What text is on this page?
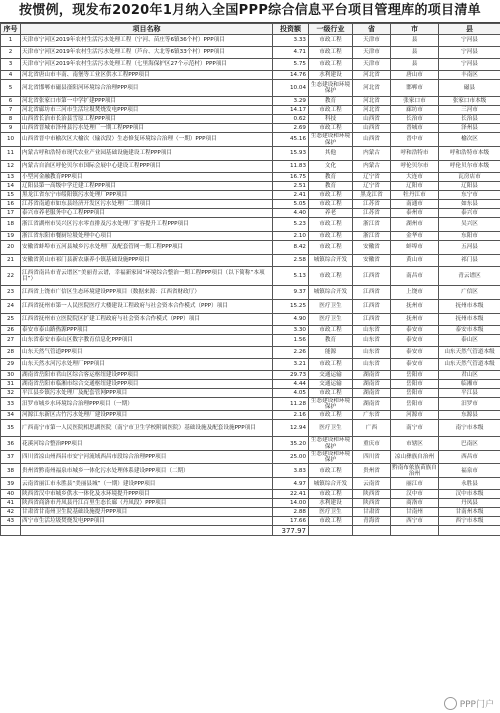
按惯例，现发布2020年1月纳入全国PPP综合信息平台项目管理库的项目清单
序号	项目名称	投资额	一级行业	省	市	县
1	天津市宁河区2019年农村生活污水处理工程（宁河、苗庄等6镇36个村）PPP项目	3.33	市政工程	天津市	县	宁河县
2	天津市宁河区2019年农村生活污水处理工程（芦台、大北等6镇33个村）PPP项目	4.71	市政工程	天津市	县	宁河县
3	天津市宁河区2019年农村生活污水处理工程（七里海保护区27个示范村）PPP项目	5.75	市政工程	天津市	县	宁河县
4	河北省唐山市丰南、南堡等工业区供水工程PPP项目	14.76	水利建设	河北省	唐山市	丰南区
5	河北省邯郸市磁县滏阳河环境综合治理PPP项目	10.04	生态建设和环境保护	河北省	邯郸市	磁县
6	河北省张家口市第一中学扩建PPP项目	3.29	教育	河北省	张家口市	张家口市本级
7	河北省廊坊市三河市生活垃圾焚烧发电PPP项目	14.17	市政工程	河北省	廊坊市	三河市
8	山西省长治市长治县雪原工程PPP项目	0.62	科技	山西省	长治市	长治县
9	山西省晋城市泽州县污水处理厂一期工程PPP项目	2.69	市政工程	山西省	晋城市	泽州县
10	山西省晋中市榆次区大榆次（输次段）生态修复环境综合治理（一期）PPP项目	45.16	生态建设和环境保护	山西省	晋中市	榆次区
11	内蒙古呼和浩特市现代农业产业园基础设施建设工程PPP项目	15.93	其他	内蒙古	呼和浩特市	呼和浩特市本级
12	内蒙古自治区呼伦贝尔市国际会展中心建设工程PPP项目	11.83	文化	内蒙古	呼伦贝尔市	呼伦贝尔市本级
13	小型河金融教育PPP项目	16.75	教育	辽宁省	大连市	瓦房店市
14	辽阳县第一高级中学迁建工程PPP项目	2.51	教育	辽宁省	辽阳市	辽阳县
15	黑龙江省东宁市绥阳镇污水处理厂PPP项目	2.41	市政工程	黑龙江省	牡丹江市	东宁市
16	江苏省南通市如东县经济开发区污水处理厂二期项目	5.05	市政工程	江苏省	南通市	如东县
17	泰兴市养老服务中心工程PPP项目	4.40	养老	江苏省	泰州市	泰兴市
18	浙江省湖州市吴兴区污水零直排及污水处理厂扩容提升工程PPP项目	5.23	市政工程	浙江省	湖州市	吴兴区
19	浙江省东阳市餐厨垃圾处理中心项目	2.10	市政工程	浙江省	金华市	东阳市
20	安徽省蚌埠市五河县城乡污水处理厂及配套管网一期工程PPP项目	8.42	市政工程	安徽省	蚌埠市	五河县
21	安徽省黄山市祁门县新农康养小镇基础设施PPP项目	2.58	城镇综合开发	安徽省	黄山市	祁门县
22	江西省南昌市青云谱区“美丽青云谱，幸福新家园”环境综合整治一期工程PPP项目（以下简称“本项目”）	5.13	市政工程	江西省	南昌市	青云谱区
23	江西省上饶市广信区生态环境建设PPP项目（数据来源：江西省财政厅）	9.37	城镇综合开发	江西省	上饶市	广信区
24	江西省抚州市第一人民医院医疗大楼建设工程政府与社会资本合作模式（PPP）项目	15.25	医疗卫生	江西省	抚州市	抚州市本级
25	江西省抚州市立医院院区扩建工程政府与社会资本合作模式（PPP）项目	4.90	医疗卫生	江西省	抚州市	抚州市本级
26	泰安市泰山路热源PPP项目	3.30	市政工程	山东省	泰安市	泰安市本级
27	山东省泰安市泰山区数字教育信息化PPP项目	1.56	教育	山东省	泰安市	泰山区
28	山东天然气管道PPP项目	2.26	能源	山东省	泰安市	山东天然气管道本级
29	山东天然水河污水处理厂PPP项目	3.21	市政工程	山东省	泰安市	山东天然气管道本级
30	湖南省岳阳市君山区综合客运枢纽建设PPP项目	29.73	交通运输	湖南省	岳阳市	君山区
31	湖南省岳阳市临湘市综合交通枢纽建设PPP项目	4.44	交通运输	湖南省	岳阳市	临湘市
32	平江县乡镇污水处理厂及配套管网PPP项目	4.05	市政工程	湖南省	岳阳市	平江县
33	汨罗市城乡水环境综合治理PPP项目（一期）	11.28	生态建设和环境保护	湖南省	岳阳市	汨罗市
34	河源江东新区古竹污水处理厂建设PPP项目	2.16	市政工程	广东省	河源市	东源县
35	广西南宁市第一人民医院相思湖医院（南宁市卫生学校附属医院）基础设施及配套设施PPP项目	12.94	医疗卫生	广西	南宁市	南宁市本级
36	花溪河综合整治PPP项目	35.20	生态建设和环境保护	重庆市	市辖区	巴南区
37	四川省凉山州西昌市安宁河流域西昌市段综合治理PPP项目	25.00	生态建设和环境保护	四川省	凉山彝族自治州	西昌市
38	贵州省黔南州福泉市城乡一体化污水处理体系建设PPP项目（二期）	3.83	市政工程	贵州省	黔南布依族苗族自治州	福泉市
39	云南省丽江市永胜县“美丽县城”（一期）建设PPP项目	4.97	城镇综合开发	云南省	丽江市	永胜县
40	陕西省汉中市城乡供水一体化及水环境提升PPP项目	22.41	市政工程	陕西省	汉中市	汉中市本级
41	陕西省商洛市丹凤县丹江百里生态长廊（丹凤段）PPP项目	14.00	水利建设	陕西省	商洛市	丹凤县
42	甘肃省甘南州卫生院基础设施提升PPP项目	2.88	医疗卫生	甘肃省	甘南州	甘南州本级
43	西宁市生活垃圾焚烧发电PPP项目	17.66	市政工程	青海省	西宁市	西宁市本级
		377.97				
PPP门户
